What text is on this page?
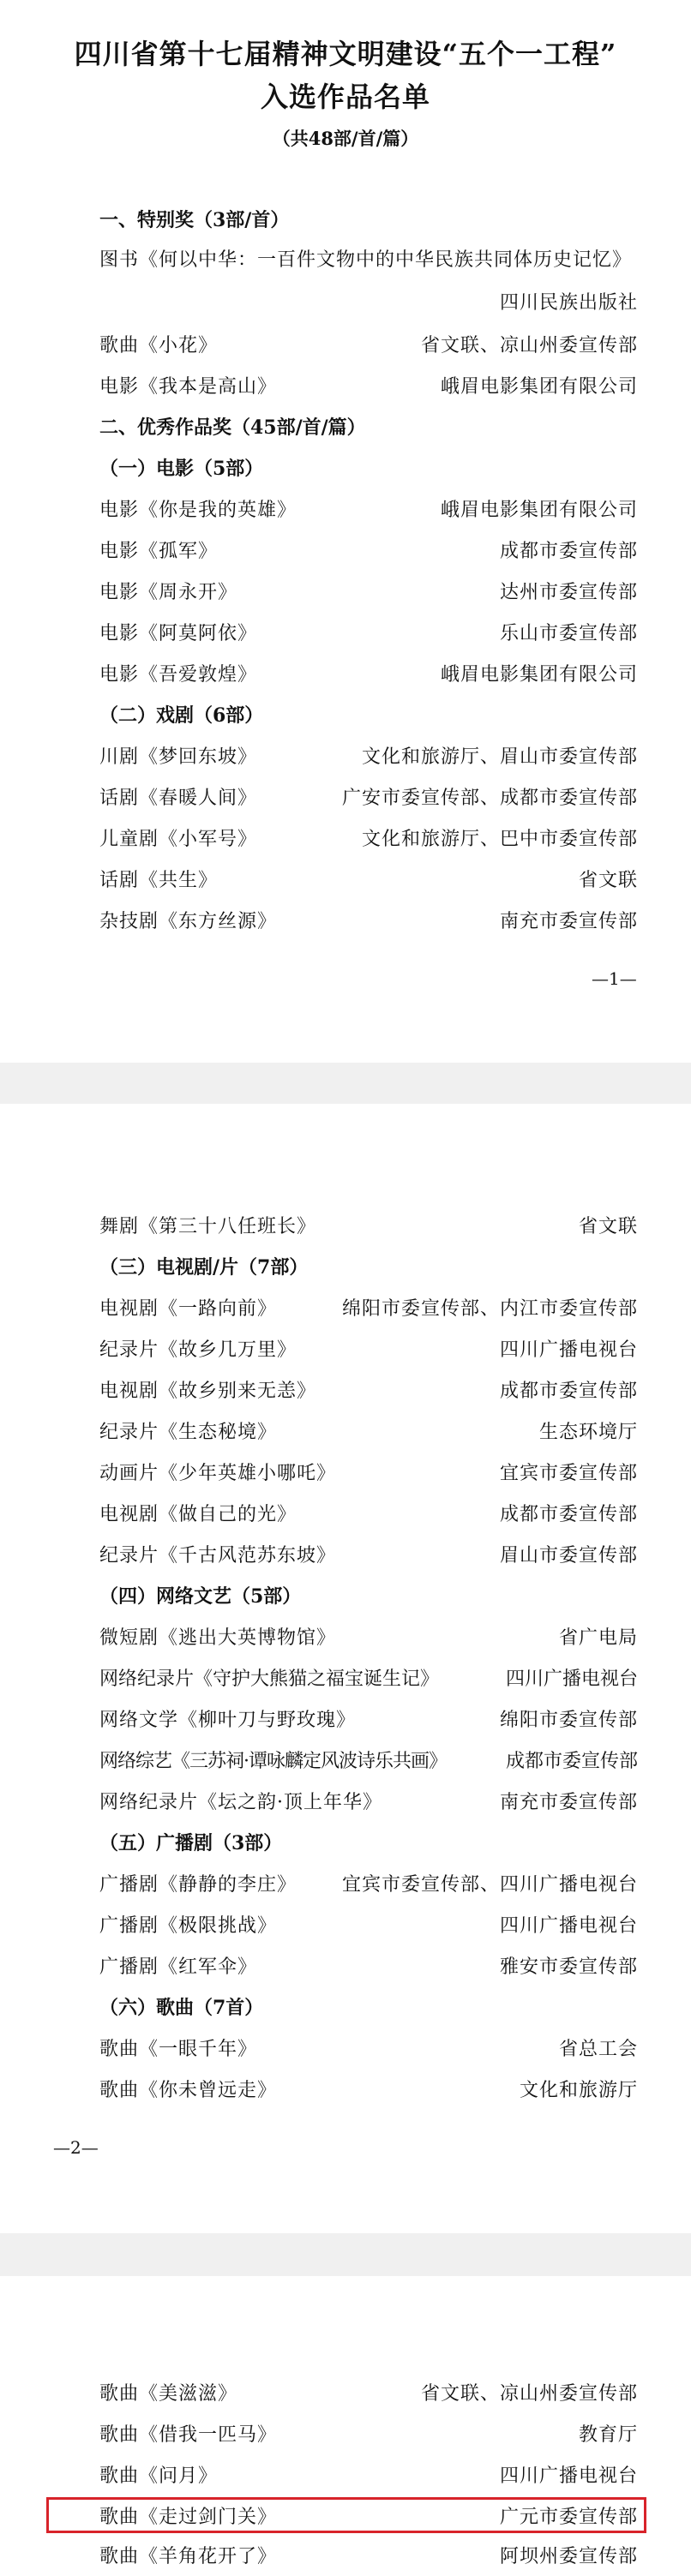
四川省第十七届精神文明建设“五个一工程”
入选作品名单
（共48部/首/篇）
一、特别奖（3部/首）
图书《何以中华：一百件文物中的中华民族共同体历史记忆》
四川民族出版社
歌曲《小花》	省文联、凉山州委宣传部
电影《我本是高山》	峨眉电影集团有限公司
二、优秀作品奖（45部/首/篇）
（一）电影（5部）
电影《你是我的英雄》	峨眉电影集团有限公司
电影《孤军》	成都市委宣传部
电影《周永开》	达州市委宣传部
电影《阿莫阿依》	乐山市委宣传部
电影《吾爱敦煌》	峨眉电影集团有限公司
（二）戏剧（6部）
川剧《梦回东坡》	文化和旅游厅、眉山市委宣传部
话剧《春暖人间》	广安市委宣传部、成都市委宣传部
儿童剧《小军号》	文化和旅游厅、巴中市委宣传部
话剧《共生》	省文联
杂技剧《东方丝源》	南充市委宣传部
—1—
舞剧《第三十八任班长》	省文联
（三）电视剧/片（7部）
电视剧《一路向前》	绵阳市委宣传部、内江市委宣传部
纪录片《故乡几万里》	四川广播电视台
电视剧《故乡别来无恙》	成都市委宣传部
纪录片《生态秘境》	生态环境厅
动画片《少年英雄小哪吒》	宜宾市委宣传部
电视剧《做自己的光》	成都市委宣传部
纪录片《千古风范苏东坡》	眉山市委宣传部
（四）网络文艺（5部）
微短剧《逃出大英博物馆》	省广电局
网络纪录片《守护大熊猫之福宝诞生记》	四川广播电视台
网络文学《柳叶刀与野玫瑰》	绵阳市委宣传部
网络综艺《三苏祠·谭咏麟定风波诗乐共画》	成都市委宣传部
网络纪录片《坛之韵·顶上年华》	南充市委宣传部
（五）广播剧（3部）
广播剧《静静的李庄》 宜宾市委宣传部、四川广播电视台
广播剧《极限挑战》	四川广播电视台
广播剧《红军伞》	雅安市委宣传部
（六）歌曲（7首）
歌曲《一眼千年》	省总工会
歌曲《你未曾远走》	文化和旅游厅
—2—
歌曲《美滋滋》	省文联、凉山州委宣传部
歌曲《借我一匹马》	教育厅
歌曲《问月》	四川广播电视台
歌曲《走过剑门关》	广元市委宣传部
歌曲《羊角花开了》	阿坝州委宣传部
